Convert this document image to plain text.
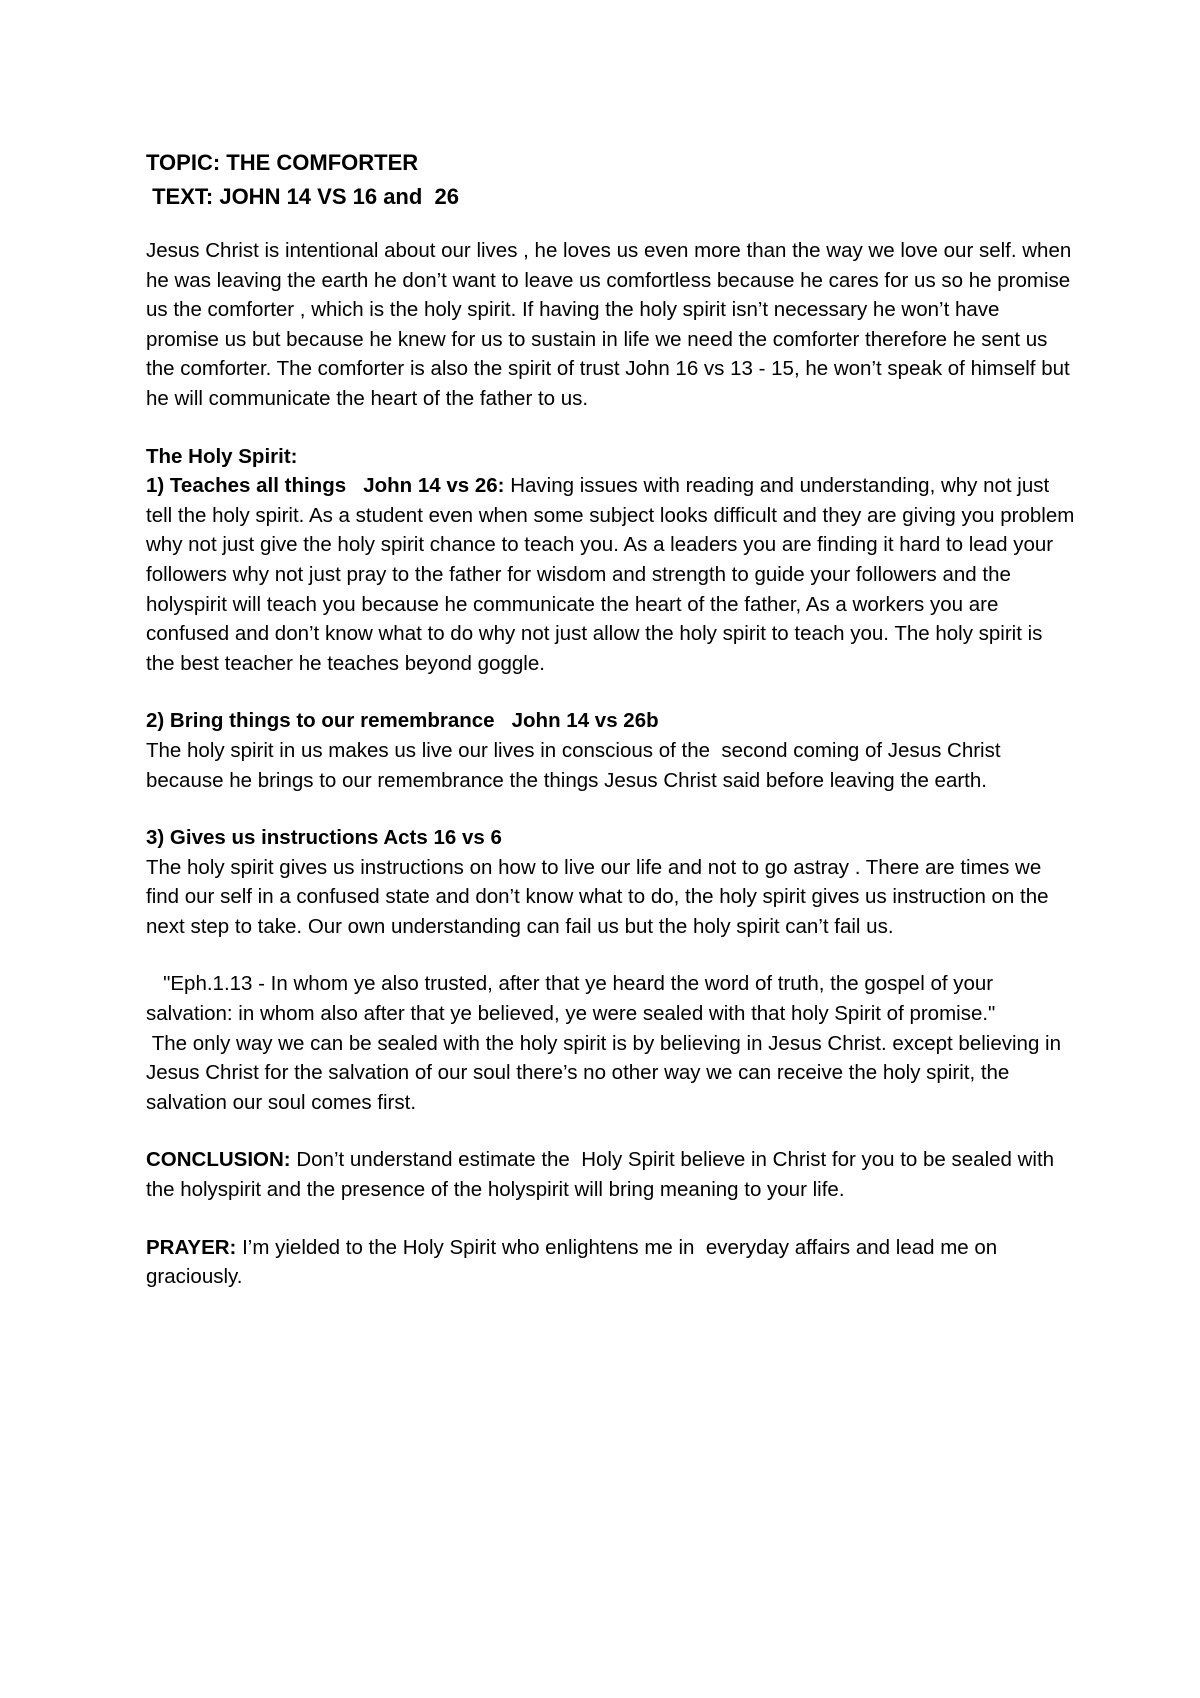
TOPIC: THE COMFORTER
TEXT: JOHN 14 VS 16 and  26

Jesus Christ is intentional about our lives , he loves us even more than the way we love our self. when he was leaving the earth he don’t want to leave us comfortless because he cares for us so he promise us the comforter , which is the holy spirit. If having the holy spirit isn’t necessary he won’t have promise us but because he knew for us to sustain in life we need the comforter therefore he sent us the comforter. The comforter is also the spirit of trust John 16 vs 13 - 15, he won’t speak of himself but he will communicate the heart of the father to us.

The Holy Spirit:
1) Teaches all things   John 14 vs 26: Having issues with reading and understanding, why not just tell the holy spirit. As a student even when some subject looks difficult and they are giving you problem why not just give the holy spirit chance to teach you. As a leaders you are finding it hard to lead your followers why not just pray to the father for wisdom and strength to guide your followers and the holyspirit will teach you because he communicate the heart of the father, As a workers you are confused and don’t know what to do why not just allow the holy spirit to teach you. The holy spirit is the best teacher he teaches beyond goggle.

2) Bring things to our remembrance   John 14 vs 26b
The holy spirit in us makes us live our lives in conscious of the  second coming of Jesus Christ because he brings to our remembrance the things Jesus Christ said before leaving the earth.

3) Gives us instructions Acts 16 vs 6
The holy spirit gives us instructions on how to live our life and not to go astray . There are times we find our self in a confused state and don’t know what to do, the holy spirit gives us instruction on the next step to take. Our own understanding can fail us but the holy spirit can’t fail us.

"Eph.1.13 - In whom ye also trusted, after that ye heard the word of truth, the gospel of your salvation: in whom also after that ye believed, ye were sealed with that holy Spirit of promise."
The only way we can be sealed with the holy spirit is by believing in Jesus Christ. except believing in Jesus Christ for the salvation of our soul there’s no other way we can receive the holy spirit, the salvation our soul comes first.

CONCLUSION: Don’t understand estimate the  Holy Spirit believe in Christ for you to be sealed with the holyspirit and the presence of the holyspirit will bring meaning to your life.

PRAYER: I’m yielded to the Holy Spirit who enlightens me in  everyday affairs and lead me on graciously.
